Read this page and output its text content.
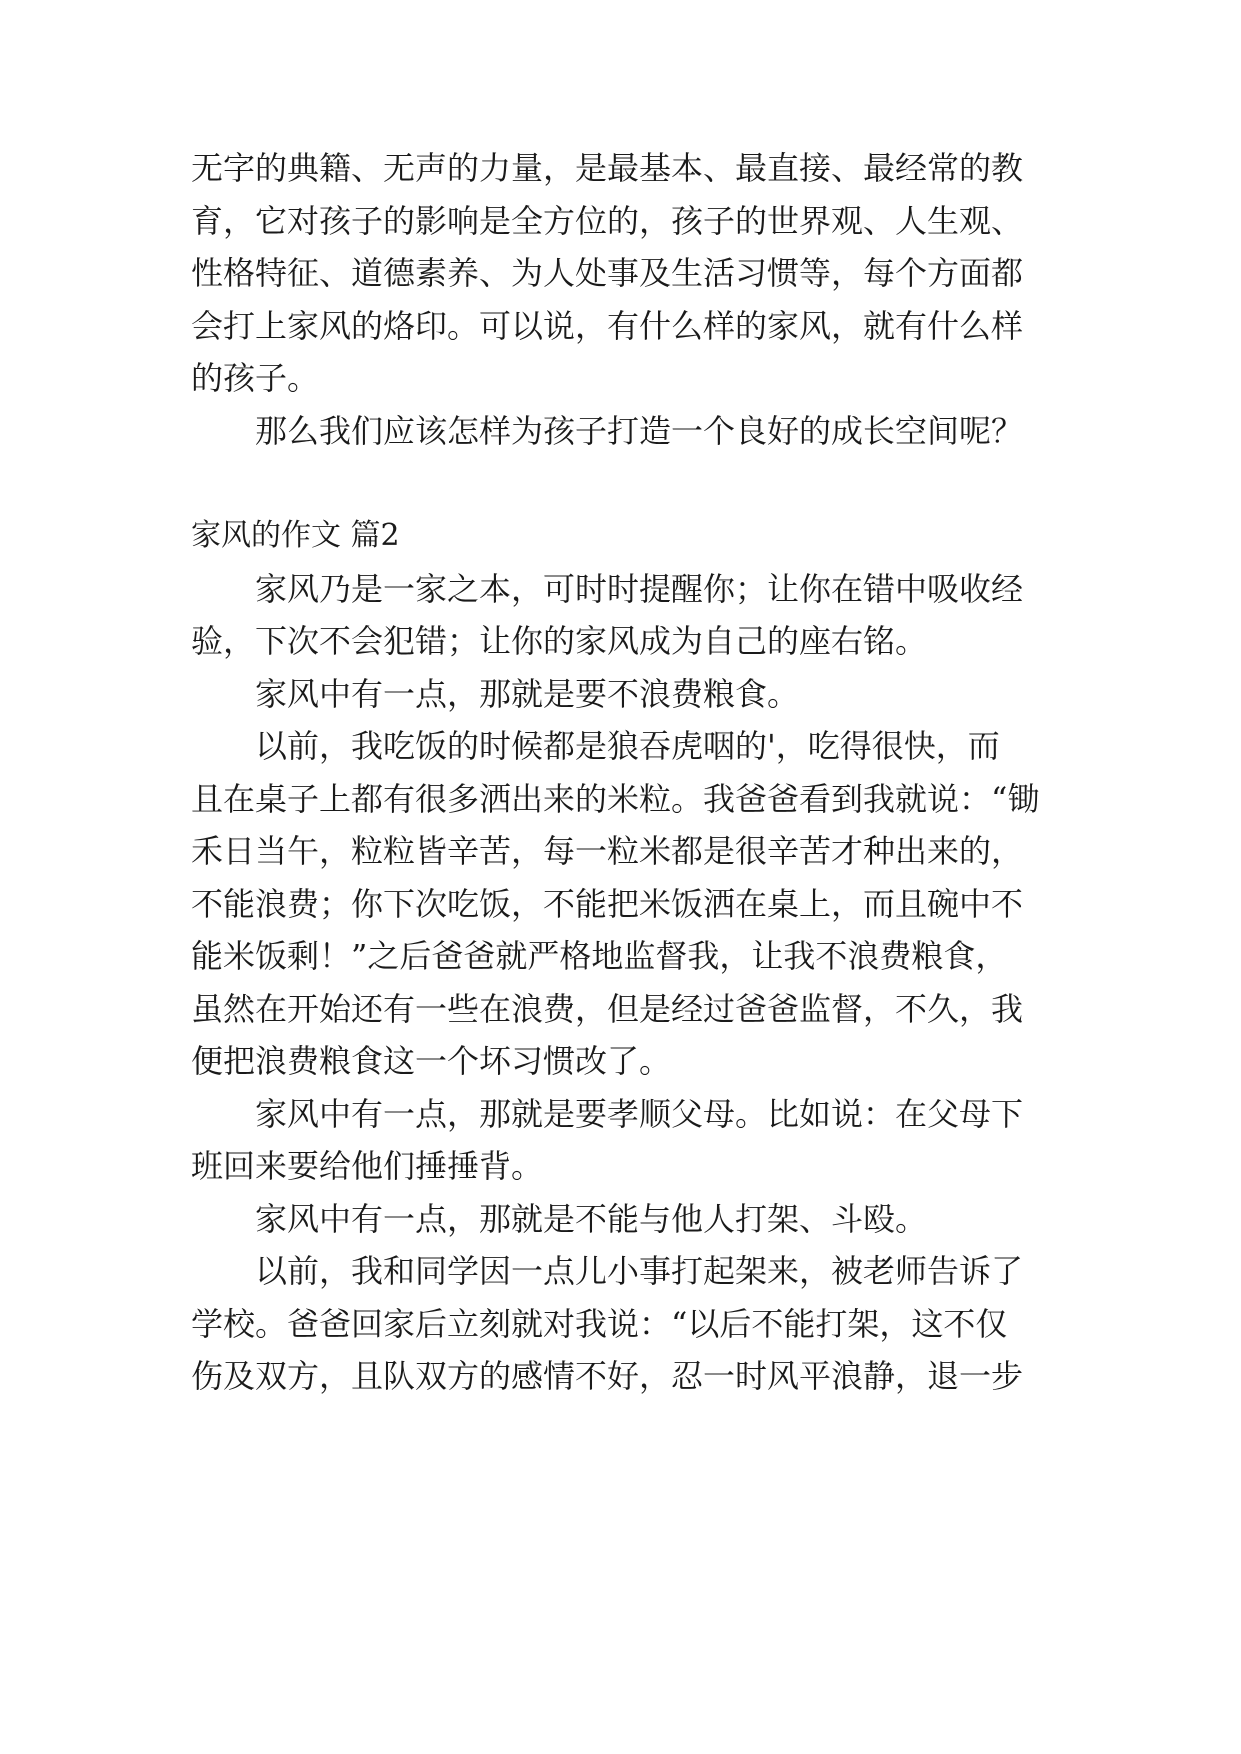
无字的典籍、无声的力量，是最基本、最直接、最经常的教
育，它对孩子的影响是全方位的，孩子的世界观、人生观、
性格特征、道德素养、为人处事及生活习惯等，每个方面都
会打上家风的烙印。可以说，有什么样的家风，就有什么样
的孩子。
那么我们应该怎样为孩子打造一个良好的成长空间呢？
家风的作文 篇2
家风乃是一家之本，可时时提醒你；让你在错中吸收经
验，下次不会犯错；让你的家风成为自己的座右铭。
家风中有一点，那就是要不浪费粮食。
以前，我吃饭的时候都是狼吞虎咽的'，吃得很快，而
且在桌子上都有很多洒出来的米粒。我爸爸看到我就说：“锄
禾日当午，粒粒皆辛苦，每一粒米都是很辛苦才种出来的，
不能浪费；你下次吃饭，不能把米饭洒在桌上，而且碗中不
能米饭剩！”之后爸爸就严格地监督我，让我不浪费粮食，
虽然在开始还有一些在浪费，但是经过爸爸监督，不久，我
便把浪费粮食这一个坏习惯改了。
家风中有一点，那就是要孝顺父母。比如说：在父母下
班回来要给他们捶捶背。
家风中有一点，那就是不能与他人打架、斗殴。
以前，我和同学因一点儿小事打起架来，被老师告诉了
学校。爸爸回家后立刻就对我说：“以后不能打架，这不仅
伤及双方，且队双方的感情不好，忍一时风平浪静，退一步
